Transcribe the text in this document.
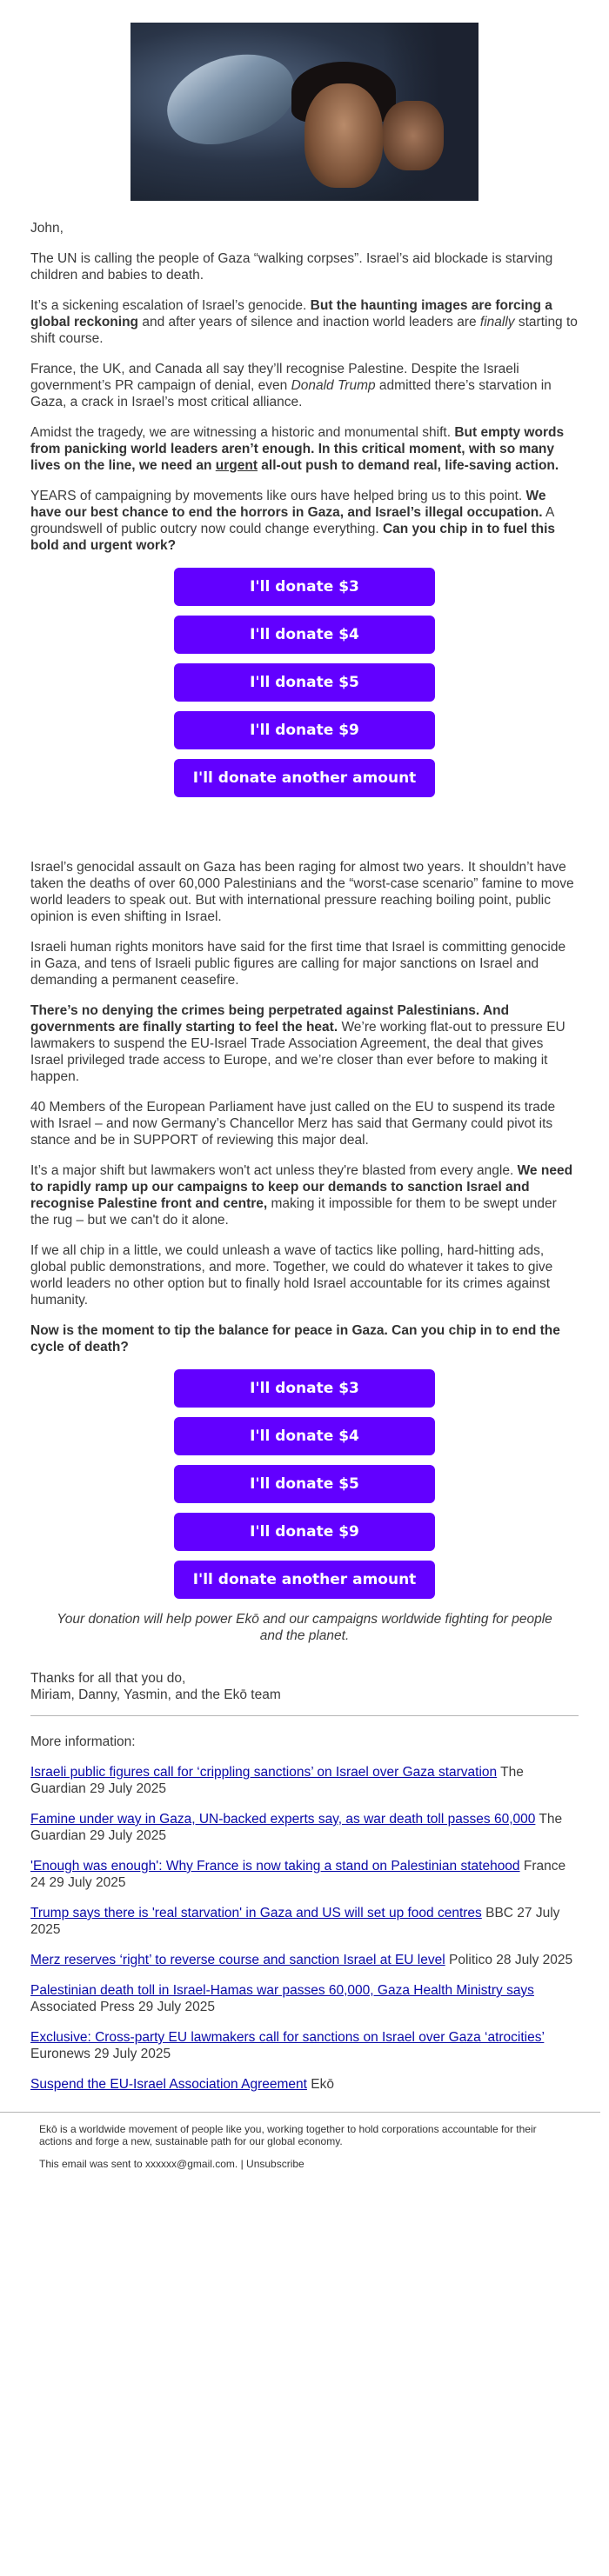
John,

The UN is calling the people of Gaza “walking corpses”. Israel’s aid blockade is starving children and babies to death.

It’s a sickening escalation of Israel’s genocide. But the haunting images are forcing a global reckoning and after years of silence and inaction world leaders are finally starting to shift course.

France, the UK, and Canada all say they’ll recognise Palestine. Despite the Israeli government’s PR campaign of denial, even Donald Trump admitted there’s starvation in Gaza, a crack in Israel’s most critical alliance.

Amidst the tragedy, we are witnessing a historic and monumental shift. But empty words from panicking world leaders aren’t enough. In this critical moment, with so many lives on the line, we need an urgent all-out push to demand real, life-saving action.

YEARS of campaigning by movements like ours have helped bring us to this point. We have our best chance to end the horrors in Gaza, and Israel’s illegal occupation. A groundswell of public outcry now could change everything. Can you chip in to fuel this bold and urgent work?

I'll donate $3
I'll donate $4
I'll donate $5
I'll donate $9
I'll donate another amount

Israel’s genocidal assault on Gaza has been raging for almost two years. It shouldn’t have taken the deaths of over 60,000 Palestinians and the “worst-case scenario” famine to move world leaders to speak out. But with international pressure reaching boiling point, public opinion is even shifting in Israel.

Israeli human rights monitors have said for the first time that Israel is committing genocide in Gaza, and tens of Israeli public figures are calling for major sanctions on Israel and demanding a permanent ceasefire.

There’s no denying the crimes being perpetrated against Palestinians. And governments are finally starting to feel the heat. We’re working flat-out to pressure EU lawmakers to suspend the EU-Israel Trade Association Agreement, the deal that gives Israel privileged trade access to Europe, and we’re closer than ever before to making it happen.

40 Members of the European Parliament have just called on the EU to suspend its trade with Israel – and now Germany’s Chancellor Merz has said that Germany could pivot its stance and be in SUPPORT of reviewing this major deal.

It’s a major shift but lawmakers won't act unless they're blasted from every angle. We need to rapidly ramp up our campaigns to keep our demands to sanction Israel and recognise Palestine front and centre, making it impossible for them to be swept under the rug – but we can't do it alone.

If we all chip in a little, we could unleash a wave of tactics like polling, hard-hitting ads, global public demonstrations, and more. Together, we could do whatever it takes to give world leaders no other option but to finally hold Israel accountable for its crimes against humanity.

Now is the moment to tip the balance for peace in Gaza. Can you chip in to end the cycle of death?

I'll donate $3
I'll donate $4
I'll donate $5
I'll donate $9
I'll donate another amount

Your donation will help power Ekō and our campaigns worldwide fighting for people and the planet.

Thanks for all that you do,
Miriam, Danny, Yasmin, and the Ekō team

More information:

Israeli public figures call for ‘crippling sanctions’ on Israel over Gaza starvation The Guardian 29 July 2025

Famine under way in Gaza, UN-backed experts say, as war death toll passes 60,000 The Guardian 29 July 2025

'Enough was enough': Why France is now taking a stand on Palestinian statehood France 24 29 July 2025

Trump says there is 'real starvation' in Gaza and US will set up food centres BBC 27 July 2025

Merz reserves ‘right’ to reverse course and sanction Israel at EU level Politico 28 July 2025

Palestinian death toll in Israel-Hamas war passes 60,000, Gaza Health Ministry says Associated Press 29 July 2025

Exclusive: Cross-party EU lawmakers call for sanctions on Israel over Gaza ‘atrocities’ Euronews 29 July 2025

Suspend the EU-Israel Association Agreement Ekō

Ekō is a worldwide movement of people like you, working together to hold corporations accountable for their actions and forge a new, sustainable path for our global economy.

This email was sent to xxxxxx@gmail.com. | Unsubscribe
